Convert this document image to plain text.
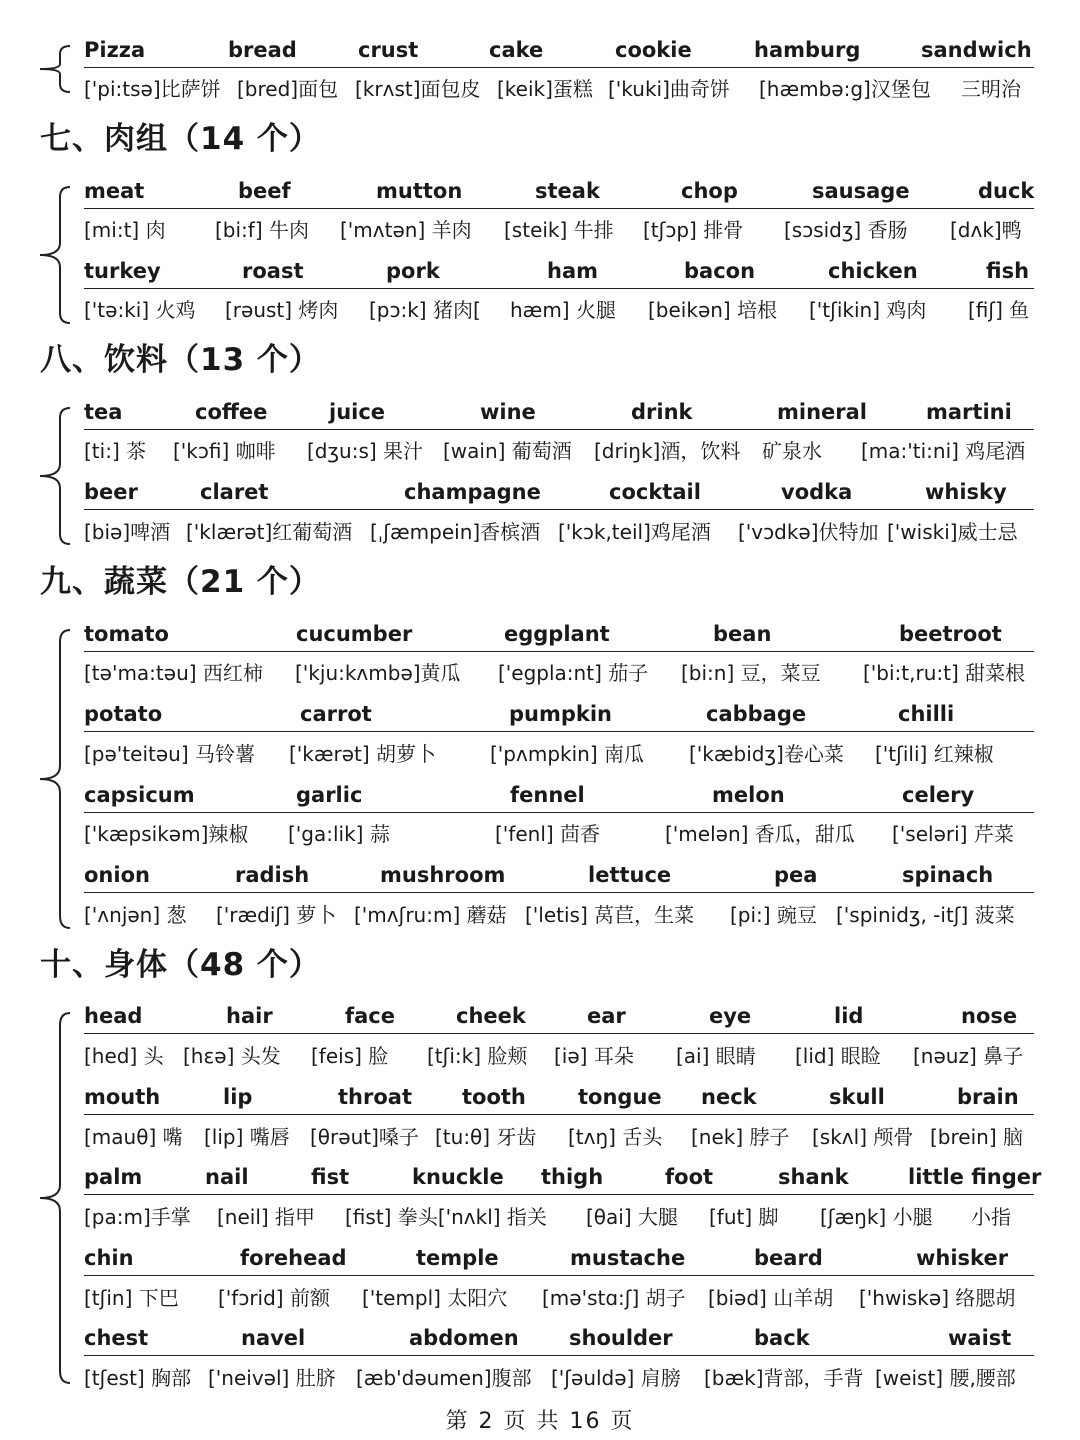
Pizza	bread	crust	cake	cookie	hamburg	sandwich
['pi:tsə]比萨饼 [bred]面包 [krʌst]面包皮 [keik]蛋糕 ['kuki]曲奇饼 [hæmbə:g]汉堡包 三明治
七、肉组（14 个）
meat	beef	mutton	steak	chop	sausage	duck
[mi:t] 肉 [bi:f] 牛肉 ['mʌtən] 羊肉 [steik] 牛排 [tʃɔp] 排骨 [sɔsidʒ] 香肠 [dʌk]鸭
turkey	roast	pork	ham	bacon	chicken	fish
['tə:ki] 火鸡 [rəust] 烤肉 [pɔ:k] 猪肉[ hæm] 火腿 [beikən] 培根 ['tʃikin] 鸡肉 [fiʃ] 鱼
八、饮料（13 个）
tea	coffee	juice	wine	drink	mineral	martini
[ti:] 茶 ['kɔfi] 咖啡 [dʒu:s] 果汁 [wain] 葡萄酒 [driŋk]酒，饮料 矿泉水 [ma:'ti:ni] 鸡尾酒
beer	claret	champagne	cocktail	vodka	whisky
[biə]啤酒 ['klærət]红葡萄酒 [ˌʃæmpein]香槟酒 ['kɔk,teil]鸡尾酒 ['vɔdkə]伏特加 ['wiski]威士忌
九、蔬菜（21 个）
tomato	cucumber	eggplant	bean	beetroot
[tə'ma:təu] 西红柿 ['kju:kʌmbə]黄瓜 ['egpla:nt] 茄子 [bi:n] 豆，菜豆 ['bi:t,ru:t] 甜菜根
potato	carrot	pumpkin	cabbage	chilli
[pə'teitəu] 马铃薯 ['kærət] 胡萝卜	['pʌmpkin] 南瓜 ['kæbidʒ]卷心菜 ['tʃili] 红辣椒
capsicum	garlic	fennel	melon	celery
['kæpsikəm]辣椒 ['ga:lik] 蒜	['fenl] 茴香	['melən] 香瓜，甜瓜 ['seləri] 芹菜
onion	radish	mushroom	lettuce	pea	spinach
['ʌnjən] 葱 ['rædiʃ] 萝卜 ['mʌʃru:m] 蘑菇 ['letis] 莴苣，生菜 [pi:] 豌豆 ['spinidʒ, -itʃ] 菠菜
十、身体（48 个）
head	hair	face	cheek	ear	eye	lid	nose
[hed] 头 [hεə] 头发 [feis] 脸 [tʃi:k] 脸颊 [iə] 耳朵 [ai] 眼睛 [lid] 眼睑 [nəuz] 鼻子
mouth	lip	throat tooth tongue neck	skull	brain
[mauθ] 嘴 [lip] 嘴唇 [θrəut]嗓子 [tu:θ] 牙齿 [tʌŋ] 舌头 [nek] 脖子 [skʌl] 颅骨 [brein] 脑
palm	nail	fist	knuckle thigh	foot	shank	little finger
[pa:m]手掌 [neil] 指甲 [fist] 拳头['nʌkl] 指关 [θai] 大腿 [fut] 脚 [ʃæŋk] 小腿 小指
chin	forehead	temple	mustache	beard	whisker
[tʃin] 下巴 ['fɔrid] 前额 ['templ] 太阳穴 [mə'stɑ:ʃ] 胡子 [biəd] 山羊胡 ['hwiskə] 络腮胡
chest	navel	abdomen shoulder	back	waist
[tʃest] 胸部 ['neivəl] 肚脐 [æb'dəumen]腹部 ['ʃəuldə] 肩膀 [bæk]背部，手背 [weist] 腰,腰部
第 2 页 共 16 页
